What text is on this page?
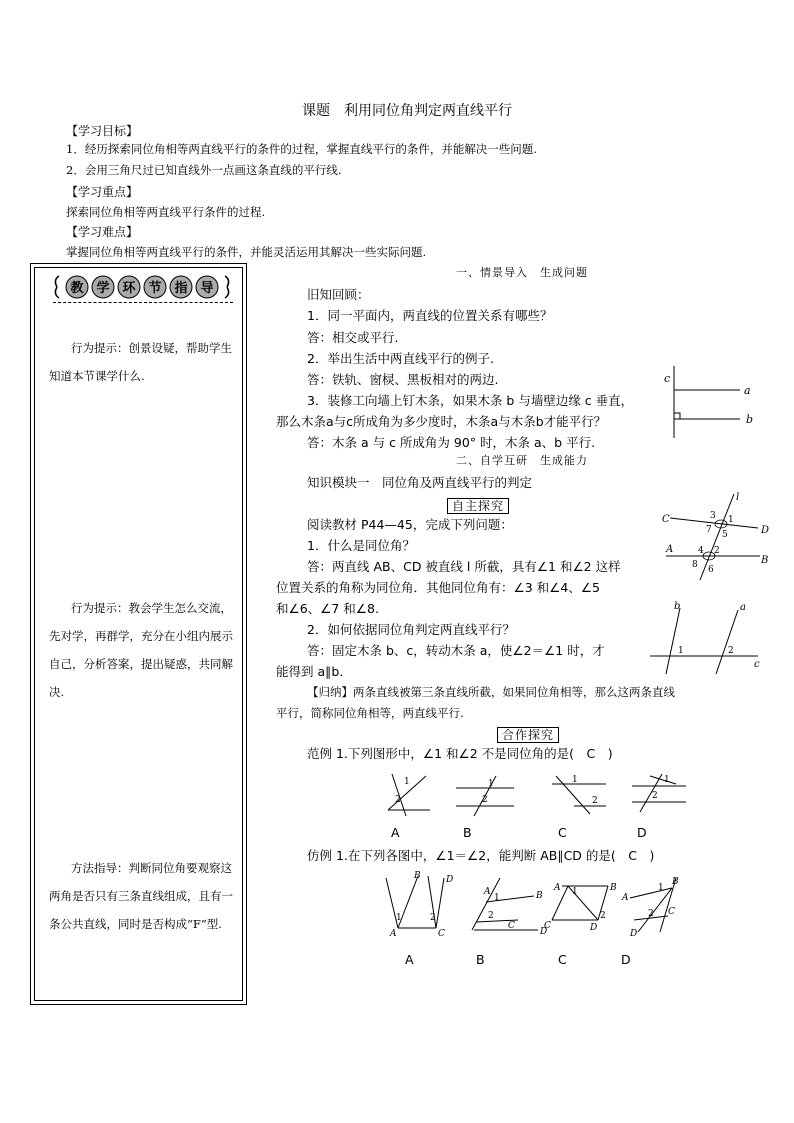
课题　利用同位角判定两直线平行
【学习目标】
1．经历探索同位角相等两直线平行的条件的过程，掌握直线平行的条件，并能解决一些问题.
2．会用三角尺过已知直线外一点画这条直线的平行线.
【学习重点】
探索同位角相等两直线平行条件的过程.
【学习难点】
掌握同位角相等两直线平行的条件，并能灵活运用其解决一些实际问题.
教 学 环 节 指 导
行为提示：创景设疑，帮助学生知道本节课学什么.
行为提示：教会学生怎么交流，先对学，再群学，充分在小组内展示自己，分析答案，提出疑惑，共同解决.
方法指导：判断同位角要观察这两角是否只有三条直线组成，且有一条公共直线，同时是否构成“F”型.
一、情景导入　生成问题
旧知回顾：
1．同一平面内，两直线的位置关系有哪些？
答：相交或平行.
2．举出生活中两直线平行的例子.
答：铁轨、窗棂、黑板相对的两边.
3．装修工向墙上钉木条，如果木条 b 与墙壁边缘 c 垂直，
那么木条a与c所成角为多少度时，木条a与木条b才能平行？
答：木条 a 与 c 所成角为 90° 时，木条 a、b 平行.
c
a
b
二、自学互研　生成能力
知识模块一　同位角及两直线平行的判定
自主探究
阅读教材 P44—45，完成下列问题：
1．什么是同位角？
答：两直线 AB、CD 被直线 l 所截，具有∠1 和∠2 这样
位置关系的角称为同位角．其他同位角有：∠3 和∠4、∠5
和∠6、∠7 和∠8.
2．如何依据同位角判定两直线平行？
答：固定木条 b、c，转动木条 a，使∠2＝∠1 时，才
能得到 a∥b.
【归纳】两条直线被第三条直线所截，如果同位角相等，那么这两条直线
平行，简称同位角相等，两直线平行.
l
C
D
A
B
3 1
7 5
4 2
8 6
b	a
c
1	2
合作探究
范例 1.下列图形中，∠1 和∠2 不是同位角的是(　C　)
1
2
1
2
1
2
1
2
A	B	C	D
仿例 1.在下列各图中，∠1＝∠2，能判断 AB∥CD 的是(　C　)
B	D
A	C
1	2
1
2
B
A
C
D
A	B
C	D
1
2
B
A
C
D
1
2
A	B	C	D
